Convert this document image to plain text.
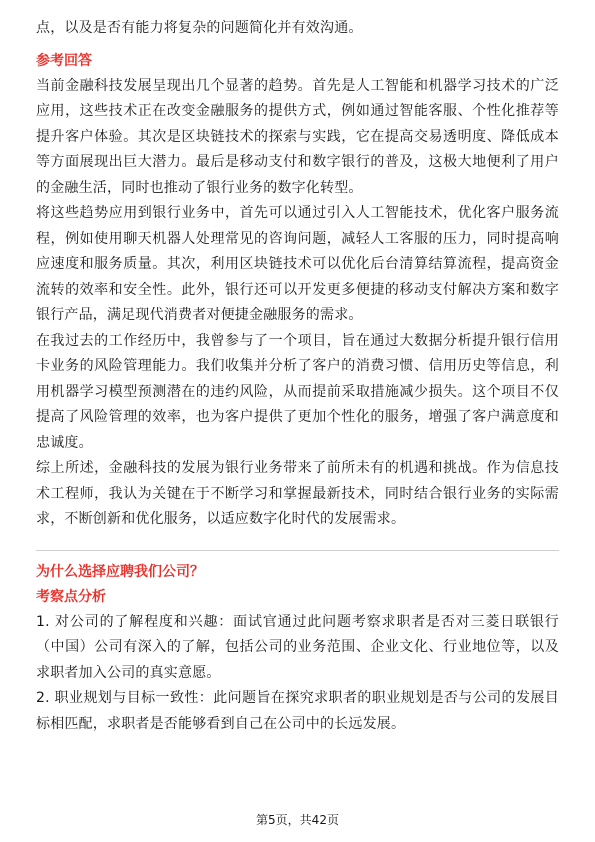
点，以及是否有能力将复杂的问题简化并有效沟通。

参考回答

当前金融科技发展呈现出几个显著的趋势。首先是人工智能和机器学习技术的广泛应用，这些技术正在改变金融服务的提供方式，例如通过智能客服、个性化推荐等提升客户体验。其次是区块链技术的探索与实践，它在提高交易透明度、降低成本等方面展现出巨大潜力。最后是移动支付和数字银行的普及，这极大地便利了用户的金融生活，同时也推动了银行业务的数字化转型。

将这些趋势应用到银行业务中，首先可以通过引入人工智能技术，优化客户服务流程，例如使用聊天机器人处理常见的咨询问题，减轻人工客服的压力，同时提高响应速度和服务质量。其次，利用区块链技术可以优化后台清算结算流程，提高资金流转的效率和安全性。此外，银行还可以开发更多便捷的移动支付解决方案和数字银行产品，满足现代消费者对便捷金融服务的需求。

在我过去的工作经历中，我曾参与了一个项目，旨在通过大数据分析提升银行信用卡业务的风险管理能力。我们收集并分析了客户的消费习惯、信用历史等信息，利用机器学习模型预测潜在的违约风险，从而提前采取措施减少损失。这个项目不仅提高了风险管理的效率，也为客户提供了更加个性化的服务，增强了客户满意度和忠诚度。

综上所述，金融科技的发展为银行业务带来了前所未有的机遇和挑战。作为信息技术工程师，我认为关键在于不断学习和掌握最新技术，同时结合银行业务的实际需求，不断创新和优化服务，以适应数字化时代的发展需求。

为什么选择应聘我们公司？
考察点分析

1. 对公司的了解程度和兴趣：面试官通过此问题考察求职者是否对三菱日联银行（中国）公司有深入的了解，包括公司的业务范围、企业文化、行业地位等，以及求职者加入公司的真实意愿。

2. 职业规划与目标一致性：此问题旨在探究求职者的职业规划是否与公司的发展目标相匹配，求职者是否能够看到自己在公司中的长远发展。

第5页，共42页
